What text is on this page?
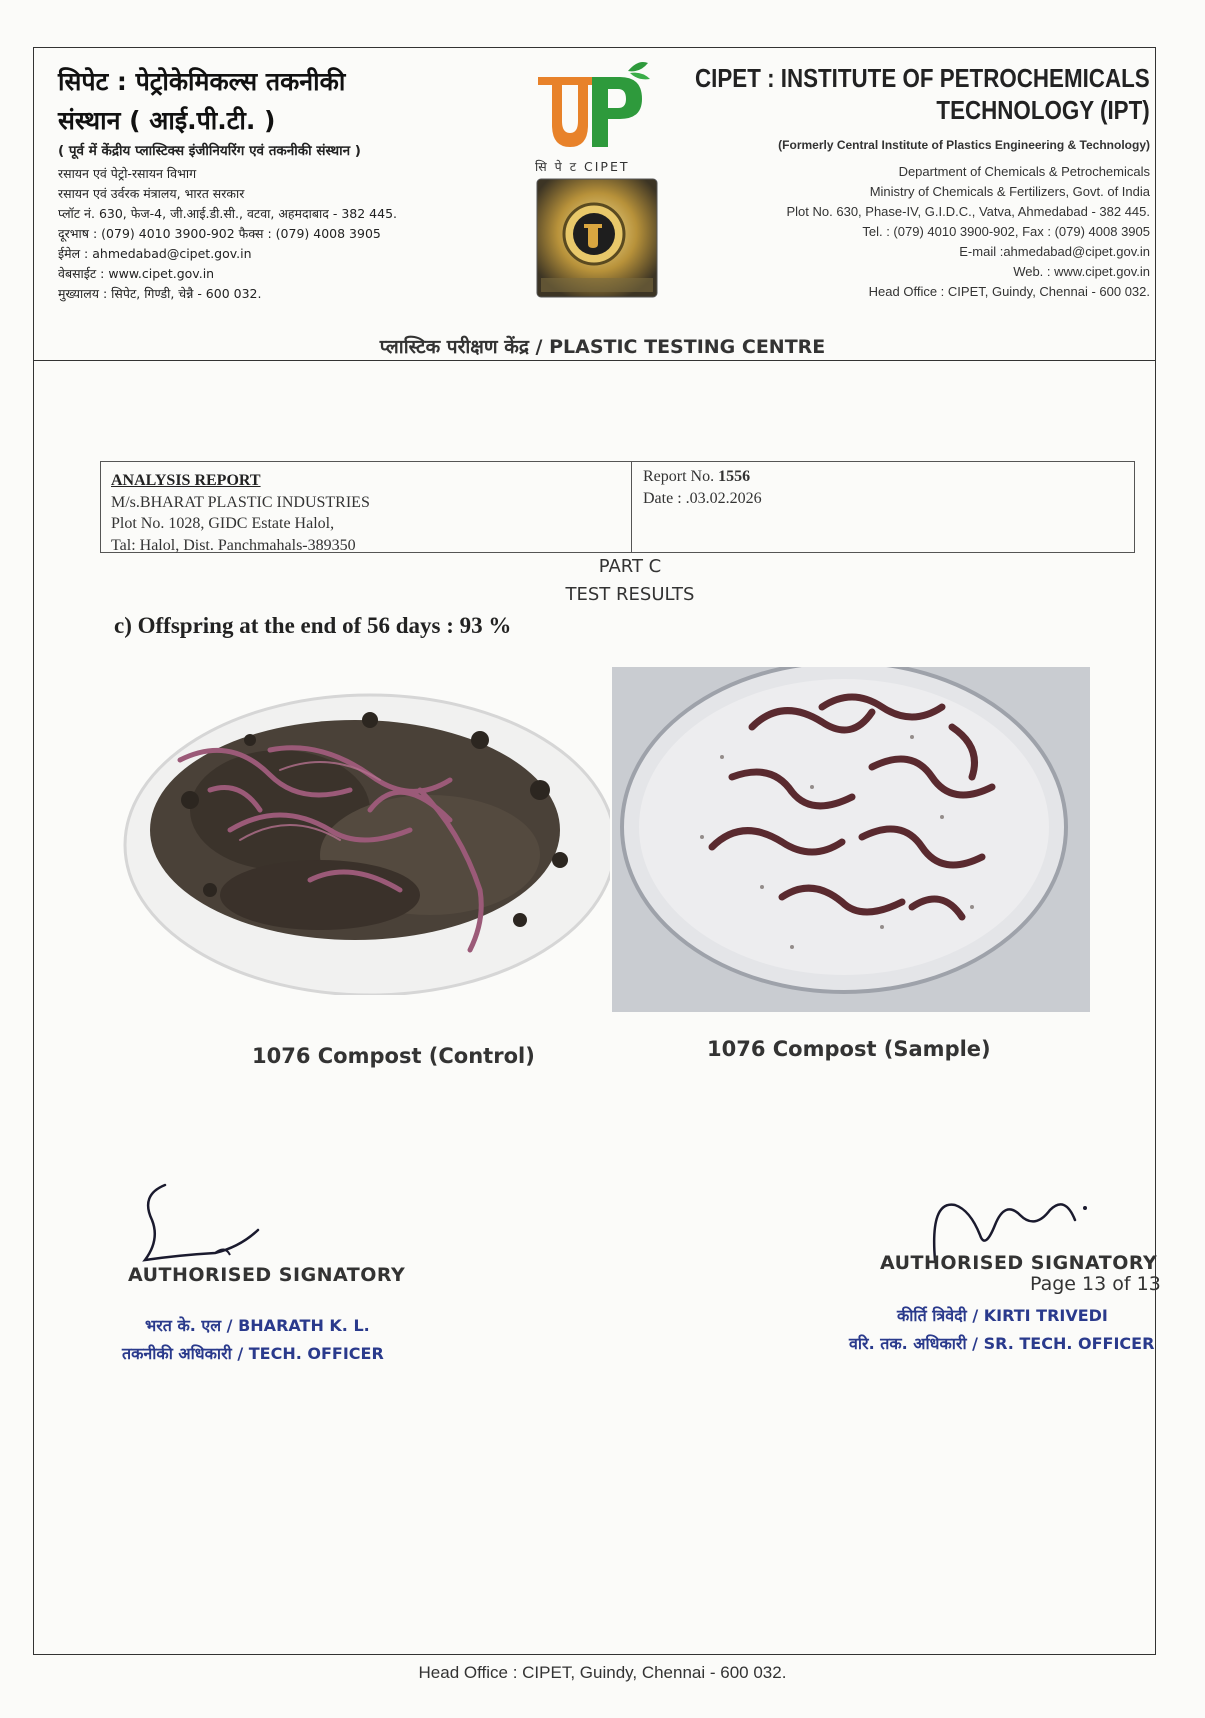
सिपेट : पेट्रोकेमिकल्स तकनीकी
संस्थान ( आई.पी.टी. )
( पूर्व में केंद्रीय प्लास्टिक्स इंजीनियरिंग एवं तकनीकी संस्थान )
रसायन एवं पेट्रो-रसायन विभाग
रसायन एवं उर्वरक मंत्रालय, भारत सरकार
प्लॉट नं. 630, फेज-4, जी.आई.डी.सी., वटवा, अहमदाबाद - 382 445.
दूरभाष : (079) 4010 3900-902 फैक्स : (079) 4008 3905
ईमेल : ahmedabad@cipet.gov.in
वेबसाईट : www.cipet.gov.in
मुख्यालय : सिपेट, गिण्डी, चेन्नै - 600 032.
सि पे ट CIPET
CIPET : INSTITUTE OF PETROCHEMICALS
TECHNOLOGY (IPT)
(Formerly Central Institute of Plastics Engineering & Technology)
Department of Chemicals & Petrochemicals
Ministry of Chemicals & Fertilizers, Govt. of India
Plot No. 630, Phase-IV, G.I.D.C., Vatva, Ahmedabad - 382 445.
Tel. : (079) 4010 3900-902, Fax : (079) 4008 3905
E-mail :ahmedabad@cipet.gov.in
Web. : www.cipet.gov.in
Head Office : CIPET, Guindy, Chennai - 600 032.
प्लास्टिक परीक्षण केंद्र / PLASTIC TESTING CENTRE
ANALYSIS REPORT
M/s.BHARAT PLASTIC INDUSTRIES
Plot No. 1028, GIDC Estate Halol,
Tal: Halol, Dist. Panchmahals-389350
Report No. 1556
Date : .03.02.2026
PART C
TEST RESULTS
c) Offspring at the end of 56 days : 93 %
1076 Compost (Control)	1076 Compost (Sample)
AUTHORISED SIGNATORY
भरत के. एल / BHARATH K. L.
तकनीकी अधिकारी / TECH. OFFICER
AUTHORISED SIGNATORY
Page 13 of 13
कीर्ति त्रिवेदी / KIRTI TRIVEDI
वरि. तक. अधिकारी / SR. TECH. OFFICER
Head Office : CIPET, Guindy, Chennai - 600 032.
